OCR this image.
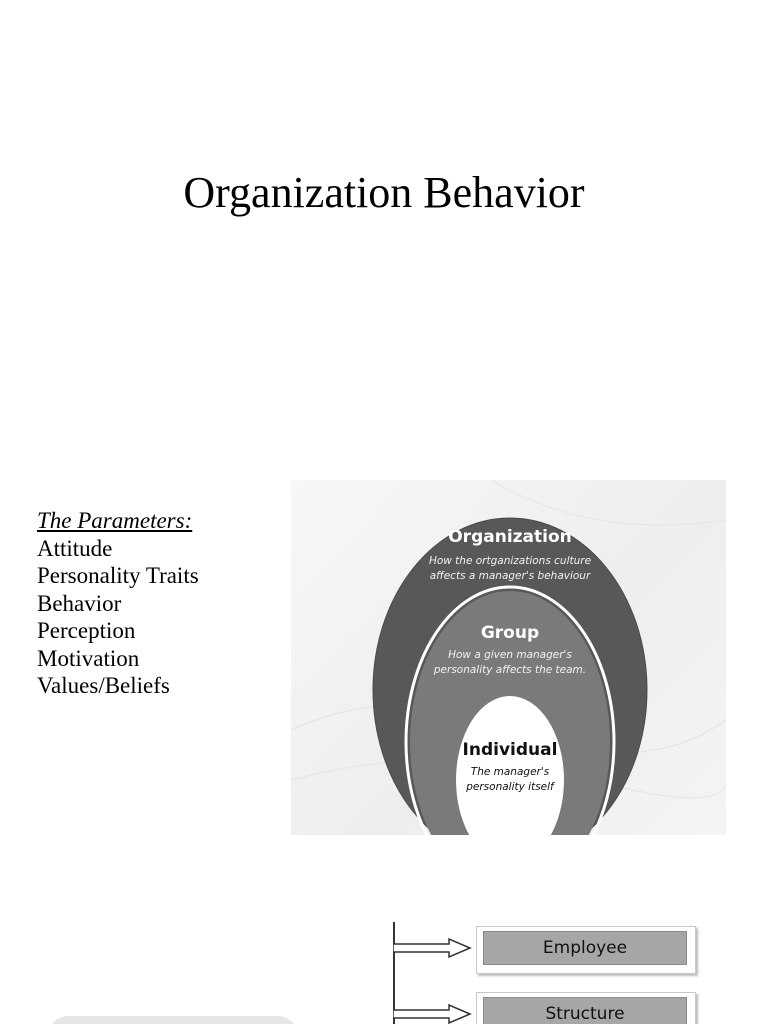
Organization Behavior
The Parameters:
Attitude
Personality Traits
Behavior
Perception
Motivation
Values/Beliefs
Organization
How the ortganizations culture
affects a manager's behaviour
Group
How a given manager's
personality affects the team.
Individual
The manager's
personality itself
Employee
Structure
